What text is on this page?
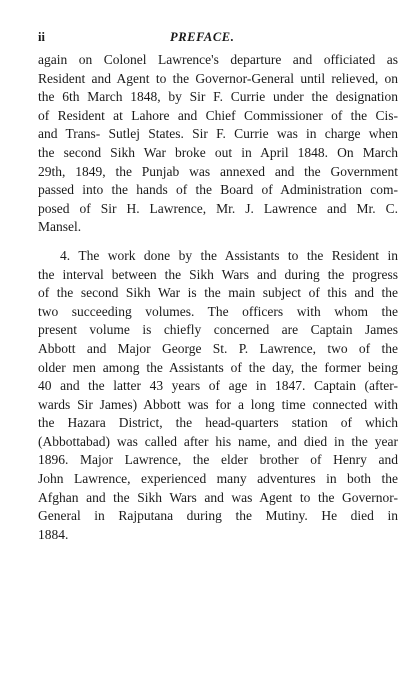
ii	PREFACE.
again on Colonel Lawrence's departure and officiated as
Resident and Agent to the Governor-General until relieved, on
the 6th March 1848, by Sir F. Currie under the designation
of Resident at Lahore and Chief Commissioner of the Cis-
and Trans- Sutlej States. Sir F. Currie was in charge when
the second Sikh War broke out in April 1848. On March
29th, 1849, the Punjab was annexed and the Government
passed into the hands of the Board of Administration com-
posed of Sir H. Lawrence, Mr. J. Lawrence and Mr. C.
Mansel.
4. The work done by the Assistants to the Resident in
the interval between the Sikh Wars and during the progress
of the second Sikh War is the main subject of this and the
two succeeding volumes. The officers with whom the
present volume is chiefly concerned are Captain James
Abbott and Major George St. P. Lawrence, two of the
older men among the Assistants of the day, the former being
40 and the latter 43 years of age in 1847. Captain (after-
wards Sir James) Abbott was for a long time connected with
the Hazara District, the head-quarters station of which
(Abbottabad) was called after his name, and died in the year
1896. Major Lawrence, the elder brother of Henry and
John Lawrence, experienced many adventures in both the
Afghan and the Sikh Wars and was Agent to the Governor-
General in Rajputana during the Mutiny. He died in
1884.
